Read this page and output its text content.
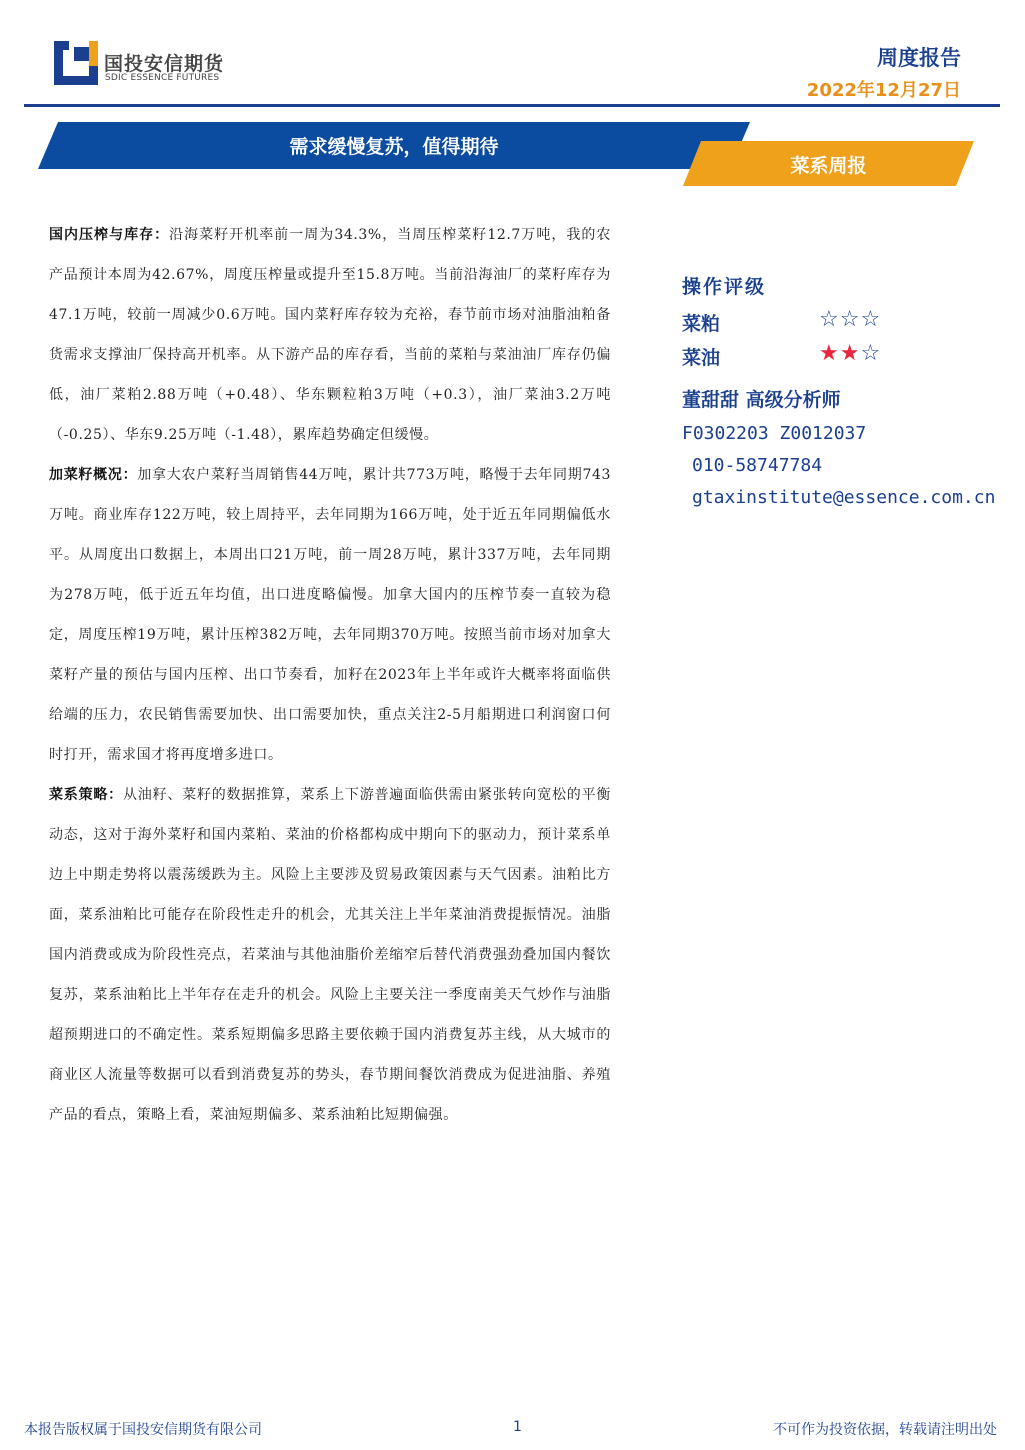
国投安信期货
SDIC ESSENCE FUTURES
周度报告
2022年12月27日
需求缓慢复苏，值得期待
菜系周报

国内压榨与库存：沿海菜籽开机率前一周为34.3%，当周压榨菜籽12.7万吨，我的农产品预计本周为42.67%，周度压榨量或提升至15.8万吨。当前沿海油厂的菜籽库存为47.1万吨，较前一周减少0.6万吨。国内菜籽库存较为充裕，春节前市场对油脂油粕备货需求支撑油厂保持高开机率。从下游产品的库存看，当前的菜粕与菜油油厂库存仍偏低，油厂菜粕2.88万吨（+0.48）、华东颗粒粕3万吨（+0.3），油厂菜油3.2万吨（-0.25）、华东9.25万吨（-1.48），累库趋势确定但缓慢。

加菜籽概况：加拿大农户菜籽当周销售44万吨，累计共773万吨，略慢于去年同期743万吨。商业库存122万吨，较上周持平，去年同期为166万吨，处于近五年同期偏低水平。从周度出口数据上，本周出口21万吨，前一周28万吨，累计337万吨，去年同期为278万吨，低于近五年均值，出口进度略偏慢。加拿大国内的压榨节奏一直较为稳定，周度压榨19万吨，累计压榨382万吨，去年同期370万吨。按照当前市场对加拿大菜籽产量的预估与国内压榨、出口节奏看，加籽在2023年上半年或许大概率将面临供给端的压力，农民销售需要加快、出口需要加快，重点关注2-5月船期进口利润窗口何时打开，需求国才将再度增多进口。

菜系策略：从油籽、菜籽的数据推算，菜系上下游普遍面临供需由紧张转向宽松的平衡动态，这对于海外菜籽和国内菜粕、菜油的价格都构成中期向下的驱动力，预计菜系单边上中期走势将以震荡缓跌为主。风险上主要涉及贸易政策因素与天气因素。油粕比方面，菜系油粕比可能存在阶段性走升的机会，尤其关注上半年菜油消费提振情况。油脂国内消费或成为阶段性亮点，若菜油与其他油脂价差缩窄后替代消费强劲叠加国内餐饮复苏，菜系油粕比上半年存在走升的机会。风险上主要关注一季度南美天气炒作与油脂超预期进口的不确定性。菜系短期偏多思路主要依赖于国内消费复苏主线，从大城市的商业区人流量等数据可以看到消费复苏的势头，春节期间餐饮消费成为促进油脂、养殖产品的看点，策略上看，菜油短期偏多、菜系油粕比短期偏强。

操作评级
菜粕	☆☆☆
菜油	★★☆
董甜甜 高级分析师
F0302203 Z0012037
010-58747784
gtaxinstitute@essence.com.cn
本报告版权属于国投安信期货有限公司	1	不可作为投资依据，转载请注明出处
